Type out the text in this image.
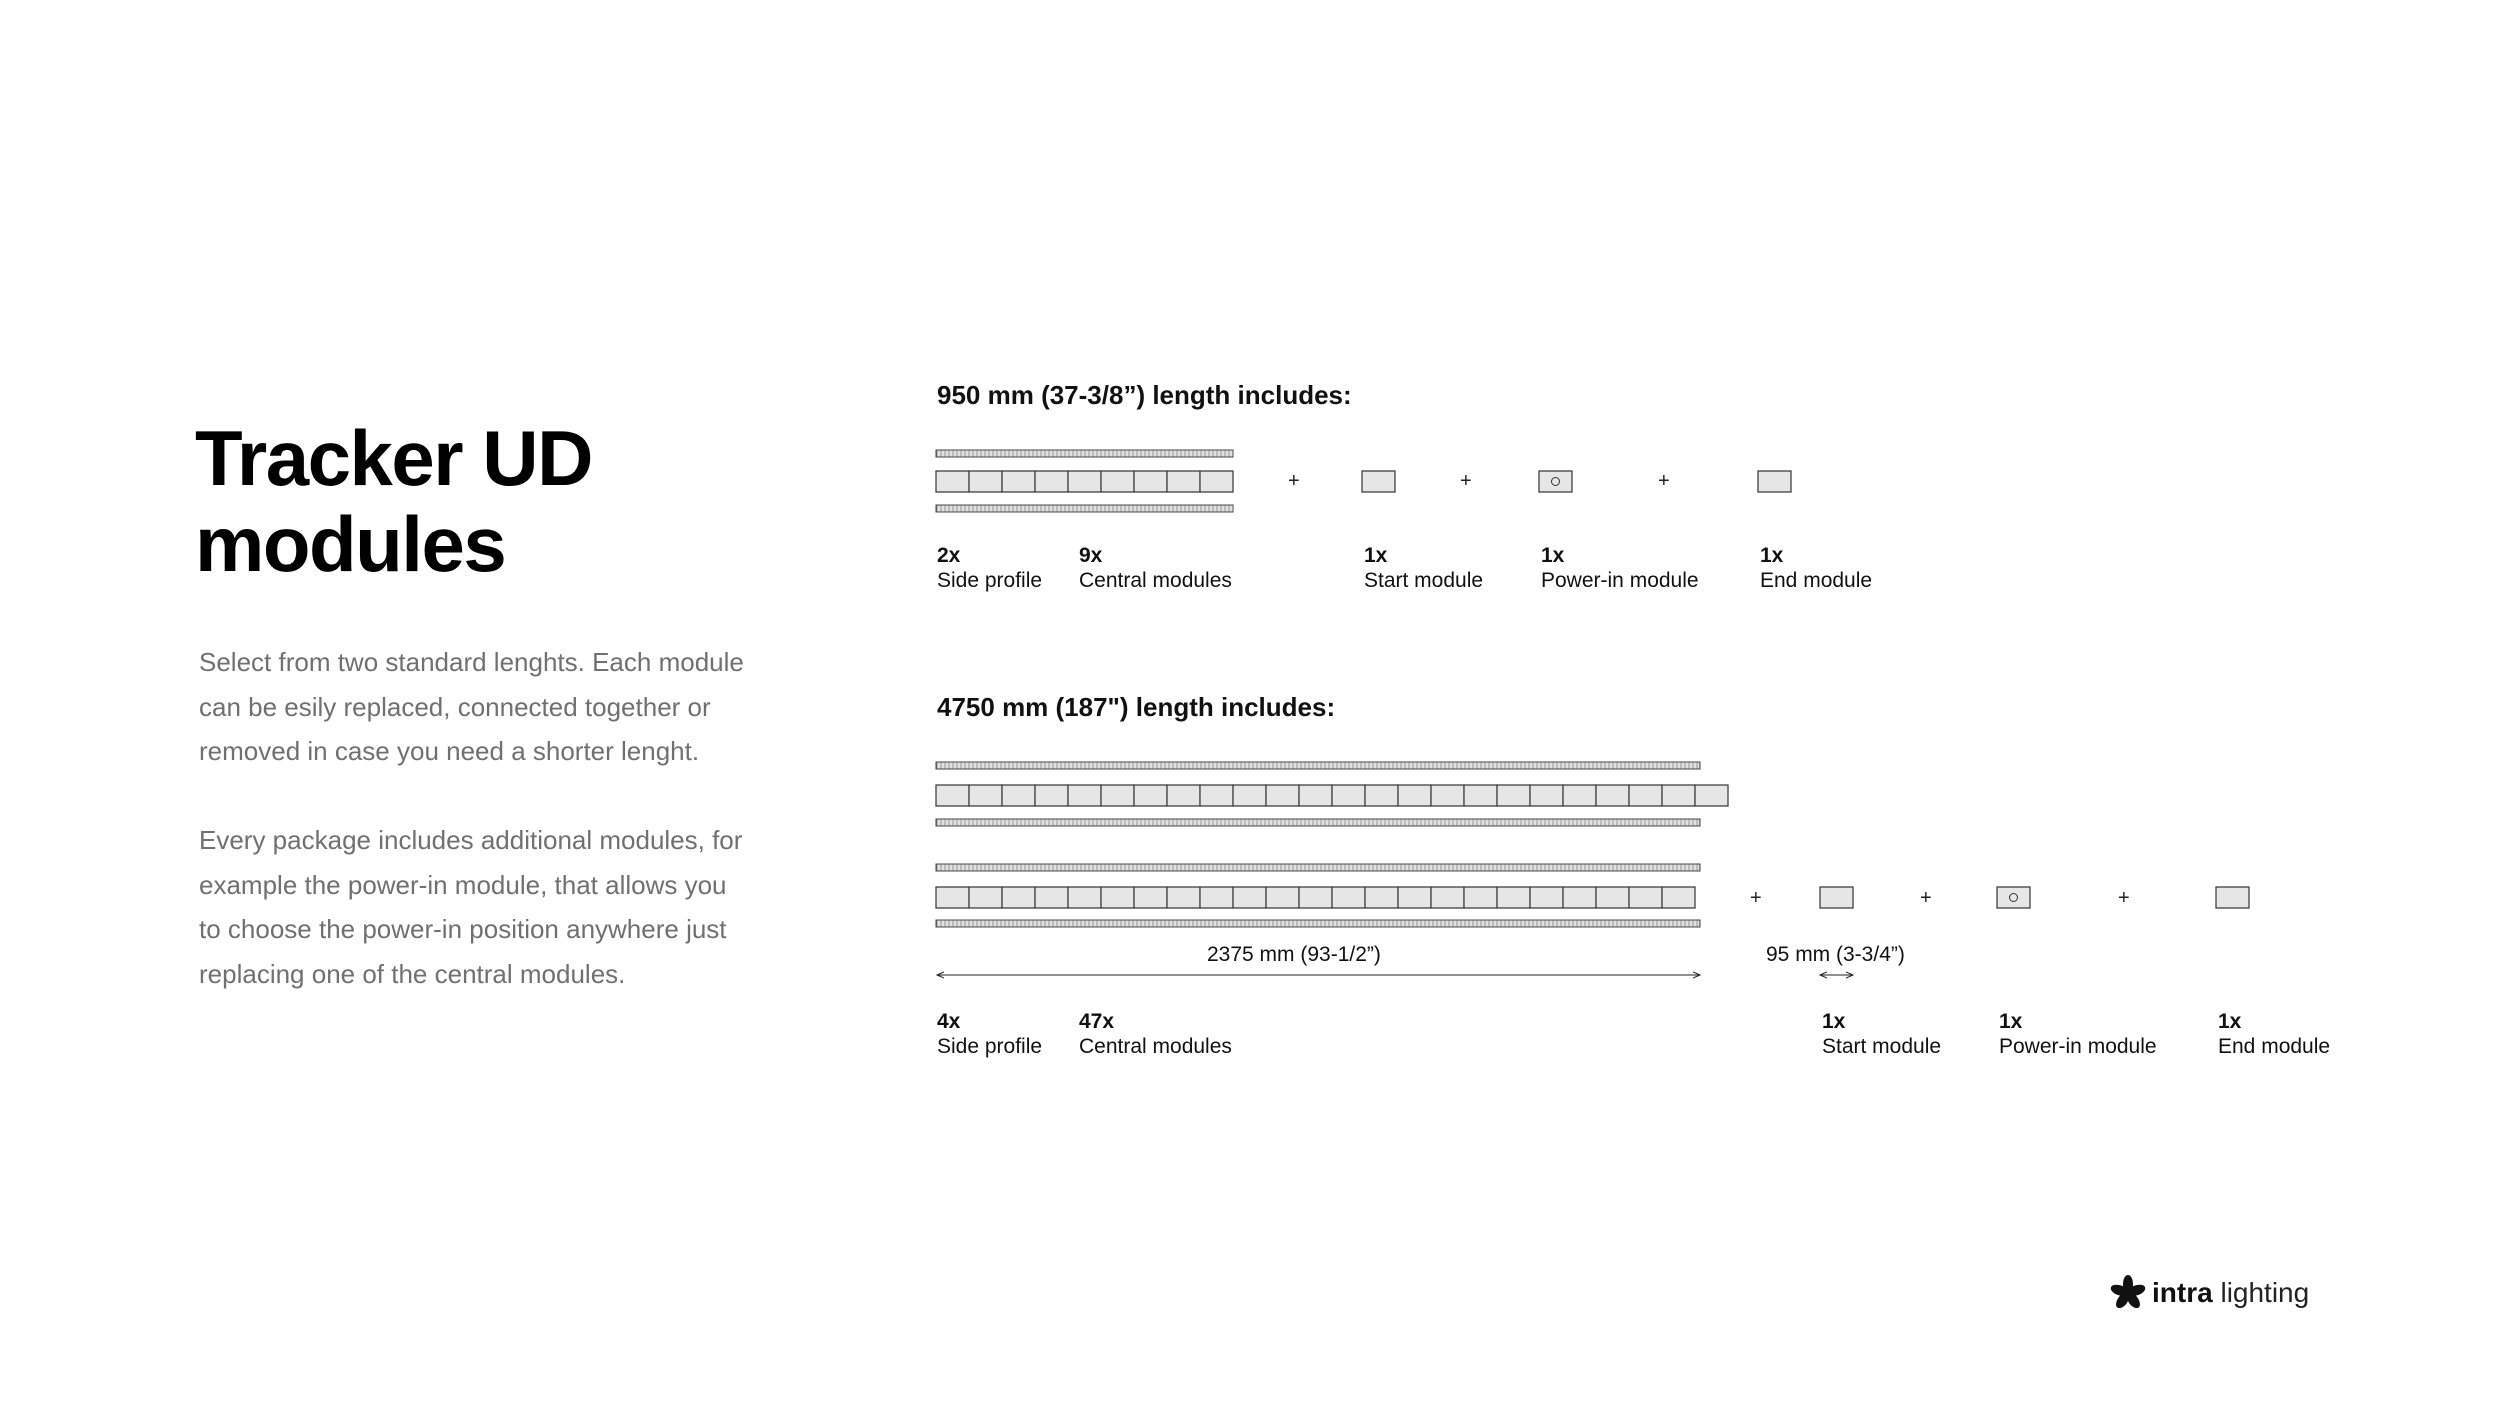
Tracker UD
modules
Select from two standard lenghts. Each module
can be esily replaced, connected together or
removed in case you need a shorter lenght.
Every package includes additional modules, for
example the power-in module, that allows you
to choose the power-in position anywhere just
replacing one of the central modules.
950 mm (37-3/8”) length includes:
+	+	+
2x
Side profile
9x
Central modules
1x
Start module
1x
Power-in module
1x
End module
4750 mm (187") length includes:
+	+	+
2375 mm (93-1/2”)	95 mm (3-3/4”)
4x
Side profile
47x
Central modules
1x
Start module
1x
Power-in module
1x
End module
intra lighting
